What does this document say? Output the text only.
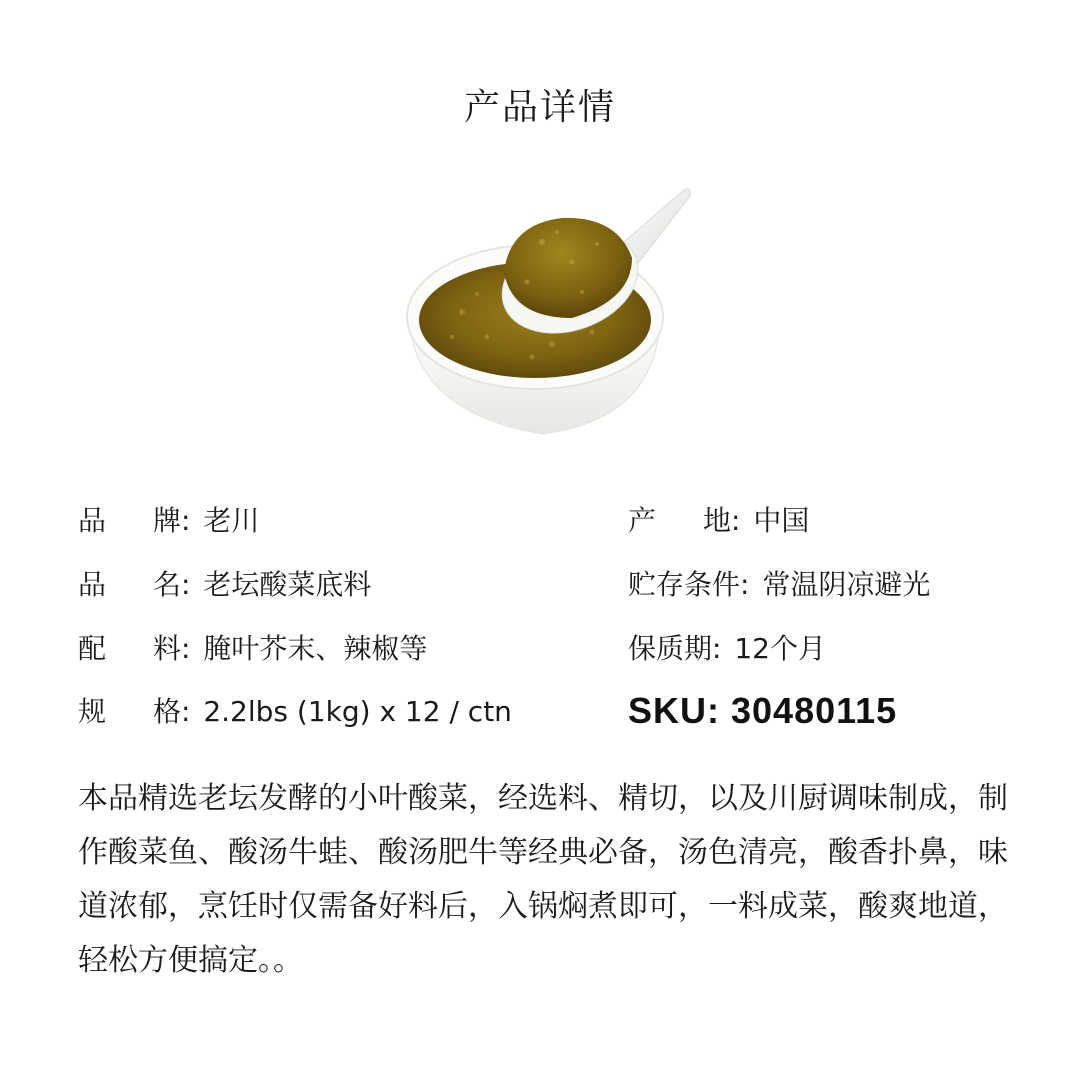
产品详情
品　牌: 老川
品　名: 老坛酸菜底料
配　料: 腌叶芥末、辣椒等
规　格: 2.2lbs (1kg) x 12 / ctn
产　地: 中国
贮存条件: 常温阴凉避光
保质期: 12个月
SKU: 30480115
本品精选老坛发酵的小叶酸菜，经选料、精切，以及川厨调味制成，制作酸菜鱼、酸汤牛蛙、酸汤肥牛等经典必备，汤色清亮，酸香扑鼻，味道浓郁，烹饪时仅需备好料后，入锅焖煮即可，一料成菜，酸爽地道，轻松方便搞定。。
